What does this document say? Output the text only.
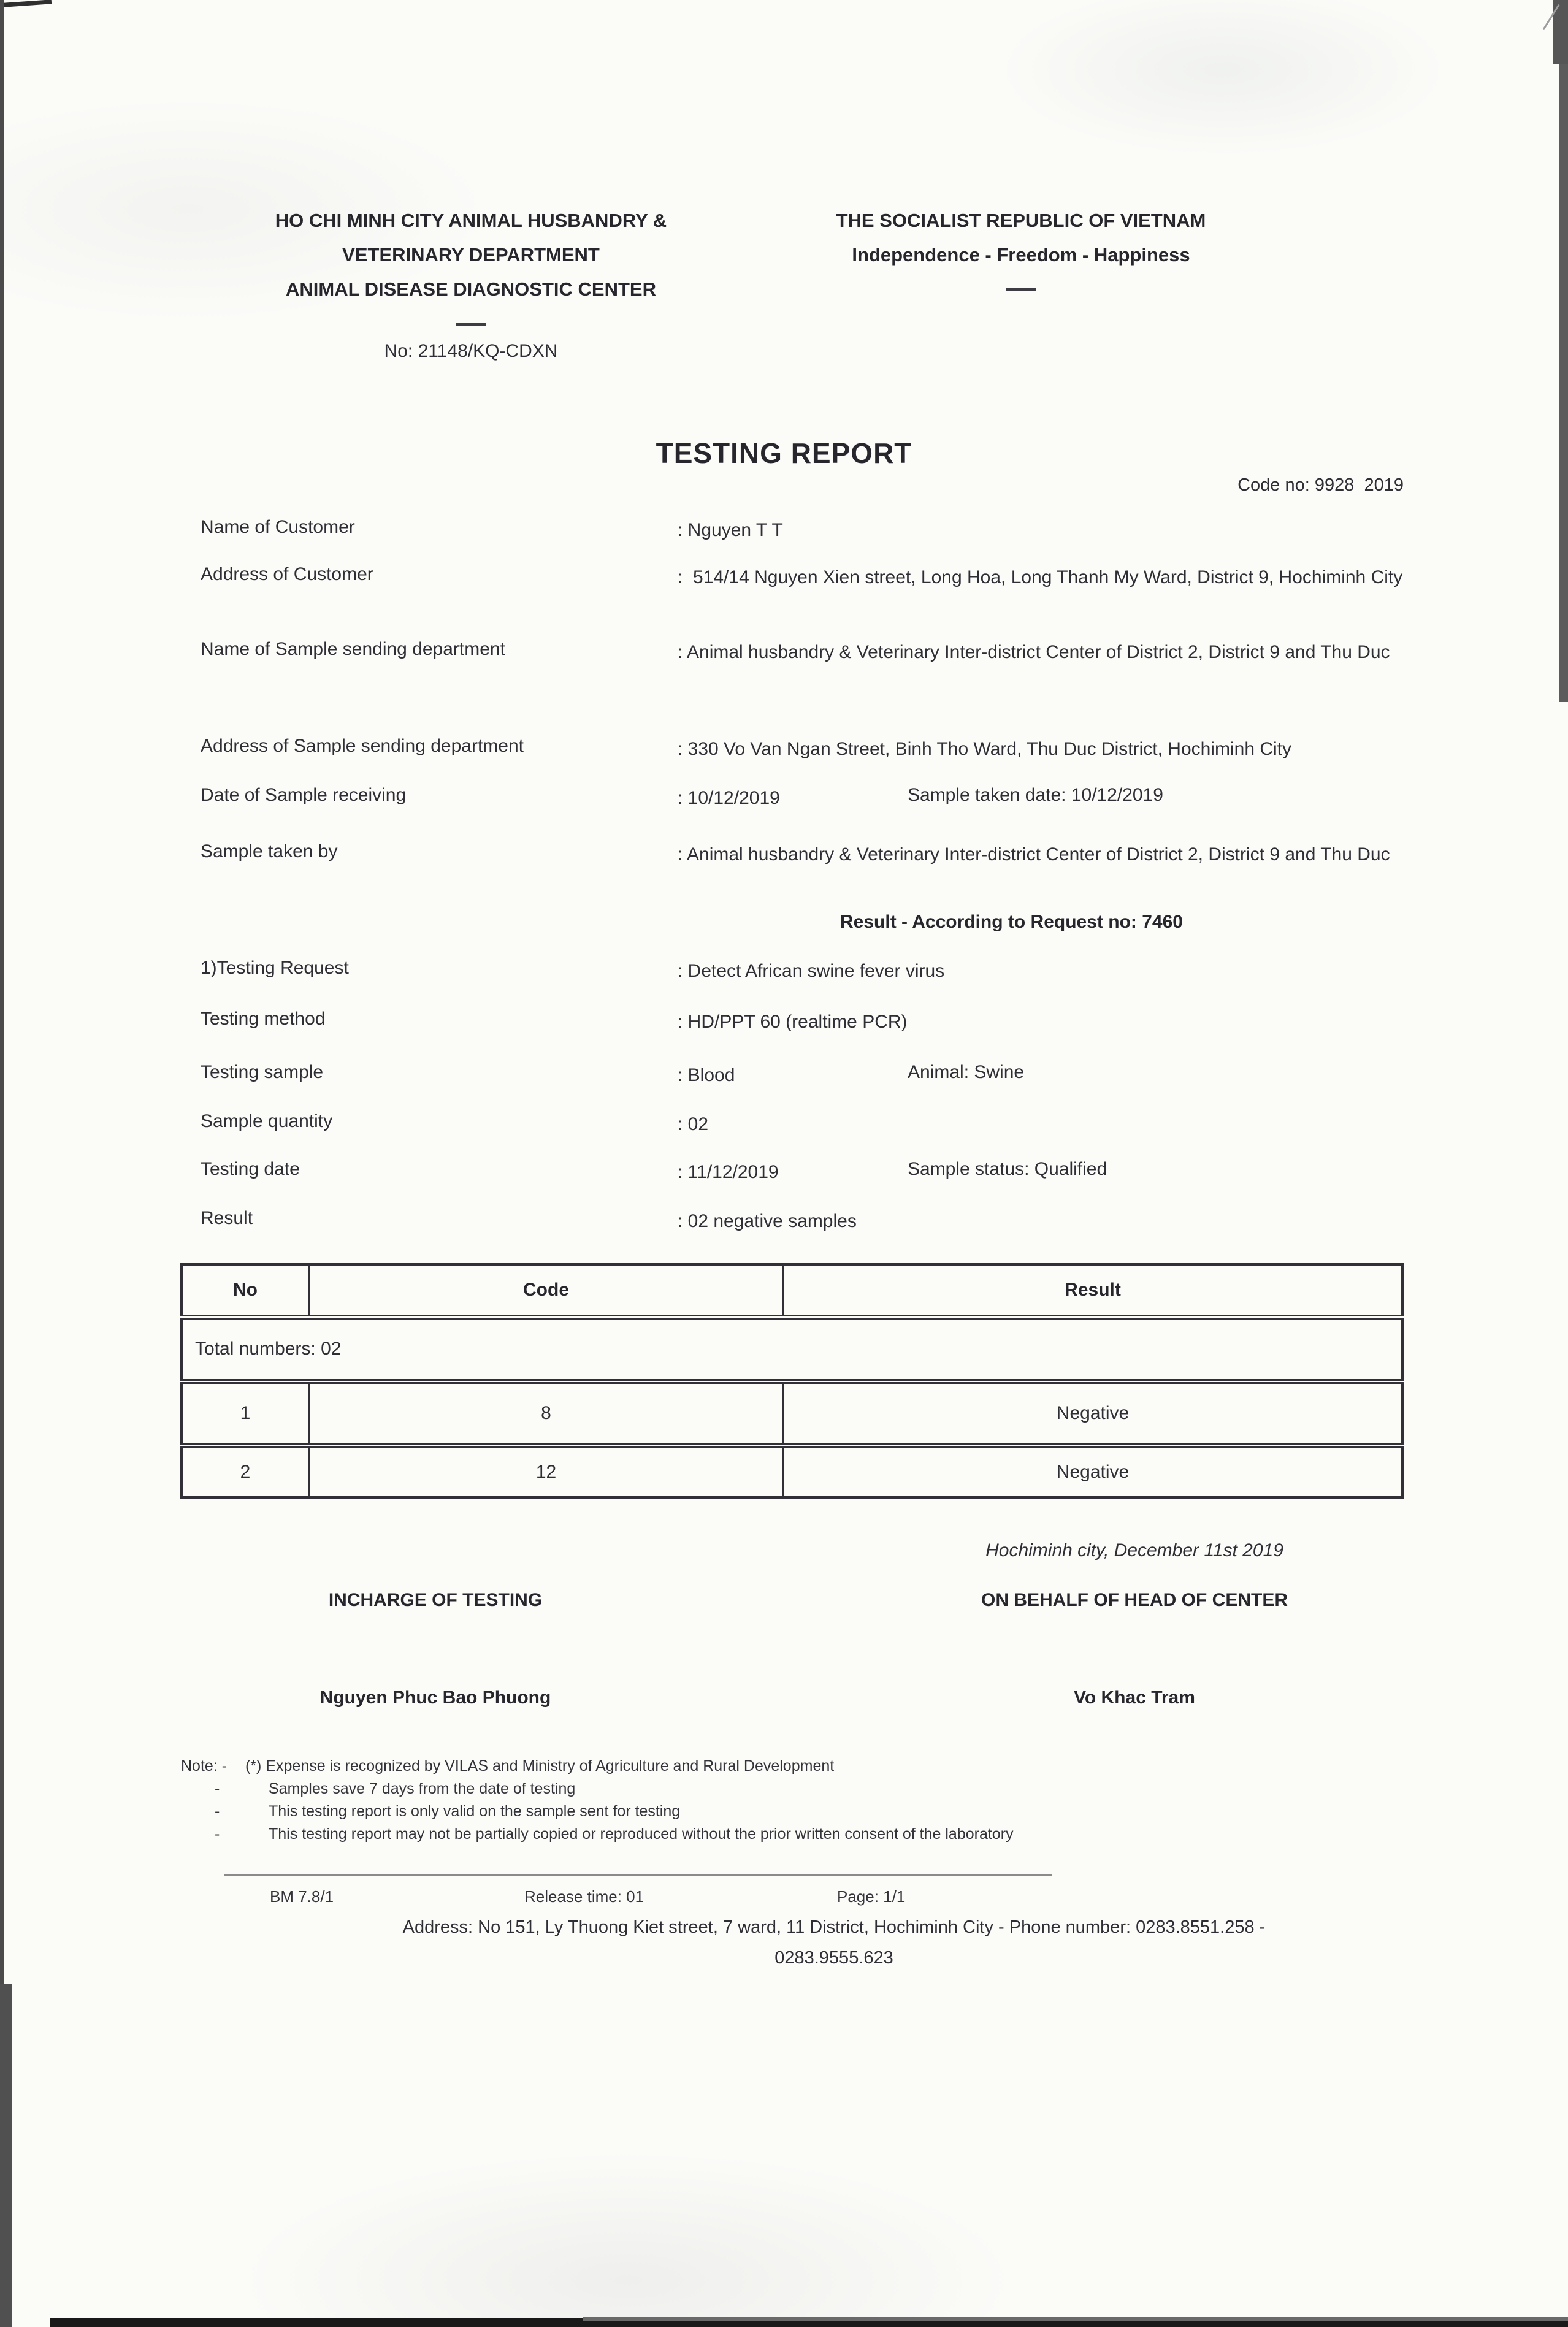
HO CHI MINH CITY ANIMAL HUSBANDRY &
VETERINARY DEPARTMENT
ANIMAL DISEASE DIAGNOSTIC CENTER
No: 21148/KQ-CDXN
THE SOCIALIST REPUBLIC OF VIETNAM
Independence - Freedom - Happiness
TESTING REPORT
Code no: 9928  2019
Name of Customer	: Nguyen T T
Address of Customer	:  514/14 Nguyen Xien street, Long Hoa, Long Thanh My Ward, District 9, Hochiminh City
Name of Sample sending department	: Animal husbandry & Veterinary Inter-district Center of District 2, District 9 and Thu Duc
Address of Sample sending department	: 330 Vo Van Ngan Street, Binh Tho Ward, Thu Duc District, Hochiminh City
Date of Sample receiving	: 10/12/2019	Sample taken date: 10/12/2019
Sample taken by	: Animal husbandry & Veterinary Inter-district Center of District 2, District 9 and Thu Duc
Result - According to Request no: 7460
1)Testing Request	: Detect African swine fever virus
Testing method	: HD/PPT 60 (realtime PCR)
Testing sample	: Blood	Animal: Swine
Sample quantity	: 02
Testing date	: 11/12/2019	Sample status: Qualified
Result	: 02 negative samples
No	Code	Result
Total numbers: 02		
1	8	Negative
2	12	Negative
Hochiminh city, December 11st 2019
INCHARGE OF TESTING	ON BEHALF OF HEAD OF CENTER
Nguyen Phuc Bao Phuong	Vo Khac Tram
Note: - (*) Expense is recognized by VILAS and Ministry of Agriculture and Rural Development
-	Samples save 7 days from the date of testing
-	This testing report is only valid on the sample sent for testing
-	This testing report may not be partially copied or reproduced without the prior written consent of the laboratory
BM 7.8/1	Release time: 01	Page: 1/1
Address: No 151, Ly Thuong Kiet street, 7 ward, 11 District, Hochiminh City - Phone number: 0283.8551.258 -
0283.9555.623
